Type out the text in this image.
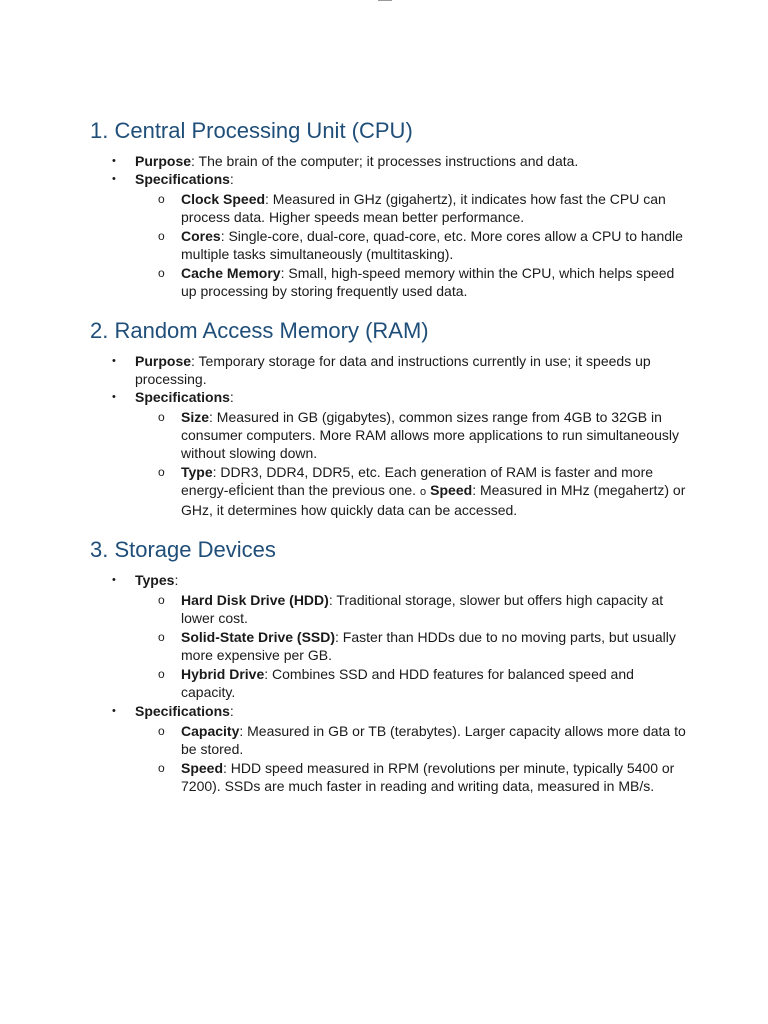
1. Central Processing Unit (CPU)
• Purpose: The brain of the computer; it processes instructions and data.
• Specifications:
o Clock Speed: Measured in GHz (gigahertz), it indicates how fast the CPU can process data. Higher speeds mean better performance.
o Cores: Single-core, dual-core, quad-core, etc. More cores allow a CPU to handle multiple tasks simultaneously (multitasking).
o Cache Memory: Small, high-speed memory within the CPU, which helps speed up processing by storing frequently used data.
2. Random Access Memory (RAM)
• Purpose: Temporary storage for data and instructions currently in use; it speeds up processing.
• Specifications:
o Size: Measured in GB (gigabytes), common sizes range from 4GB to 32GB in consumer computers. More RAM allows more applications to run simultaneously without slowing down.
o Type: DDR3, DDR4, DDR5, etc. Each generation of RAM is faster and more energy-efİcient than the previous one. o Speed: Measured in MHz (megahertz) or GHz, it determines how quickly data can be accessed.
3. Storage Devices
• Types:
o Hard Disk Drive (HDD): Traditional storage, slower but offers high capacity at lower cost.
o Solid-State Drive (SSD): Faster than HDDs due to no moving parts, but usually more expensive per GB.
o Hybrid Drive: Combines SSD and HDD features for balanced speed and capacity.
• Specifications:
o Capacity: Measured in GB or TB (terabytes). Larger capacity allows more data to be stored.
o Speed: HDD speed measured in RPM (revolutions per minute, typically 5400 or 7200). SSDs are much faster in reading and writing data, measured in MB/s.
